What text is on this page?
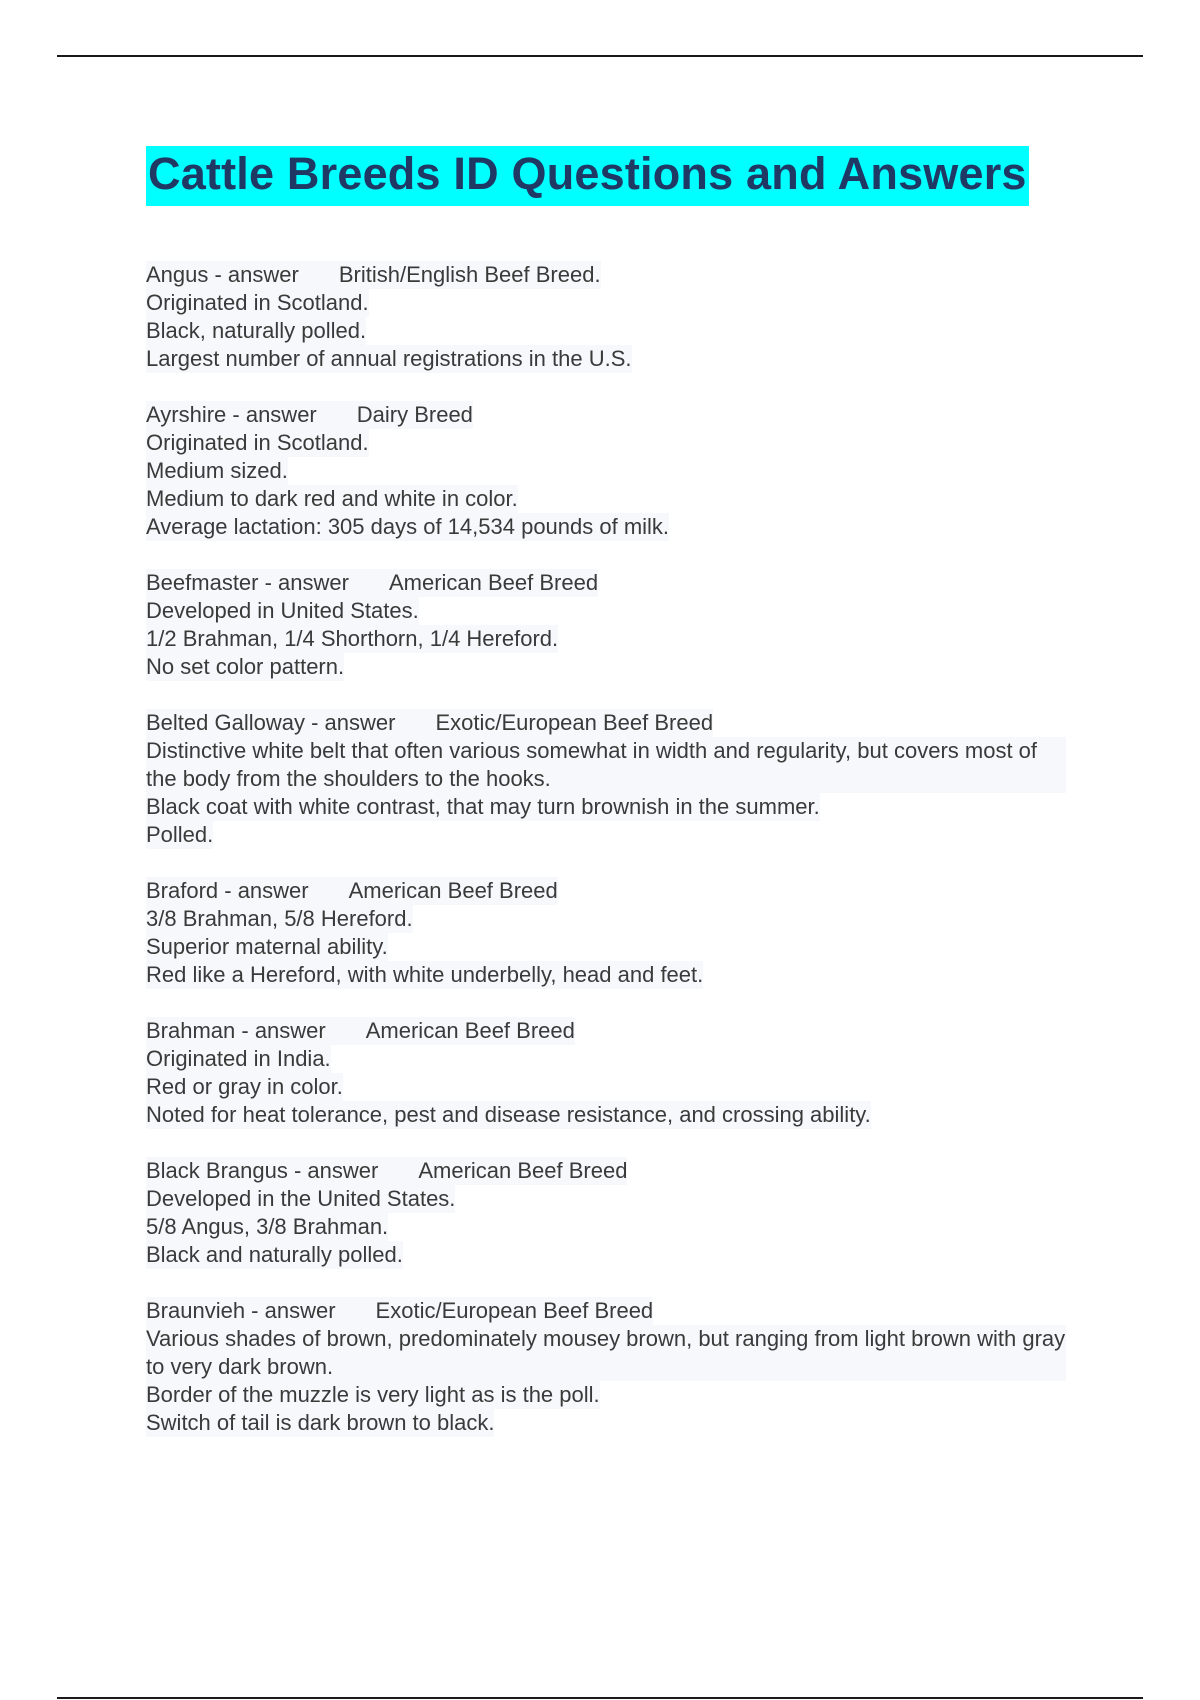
Cattle Breeds ID Questions and Answers
Angus - answer British/English Beef Breed.
Originated in Scotland.
Black, naturally polled.
Largest number of annual registrations in the U.S.
Ayrshire - answer Dairy Breed
Originated in Scotland.
Medium sized.
Medium to dark red and white in color.
Average lactation: 305 days of 14,534 pounds of milk.
Beefmaster - answer American Beef Breed
Developed in United States.
1/2 Brahman, 1/4 Shorthorn, 1/4 Hereford.
No set color pattern.
Belted Galloway - answer Exotic/European Beef Breed
Distinctive white belt that often various somewhat in width and regularity, but covers most of the body from the shoulders to the hooks.
Black coat with white contrast, that may turn brownish in the summer.
Polled.
Braford - answer American Beef Breed
3/8 Brahman, 5/8 Hereford.
Superior maternal ability.
Red like a Hereford, with white underbelly, head and feet.
Brahman - answer American Beef Breed
Originated in India.
Red or gray in color.
Noted for heat tolerance, pest and disease resistance, and crossing ability.
Black Brangus - answer American Beef Breed
Developed in the United States.
5/8 Angus, 3/8 Brahman.
Black and naturally polled.
Braunvieh - answer Exotic/European Beef Breed
Various shades of brown, predominately mousey brown, but ranging from light brown with gray to very dark brown.
Border of the muzzle is very light as is the poll.
Switch of tail is dark brown to black.
